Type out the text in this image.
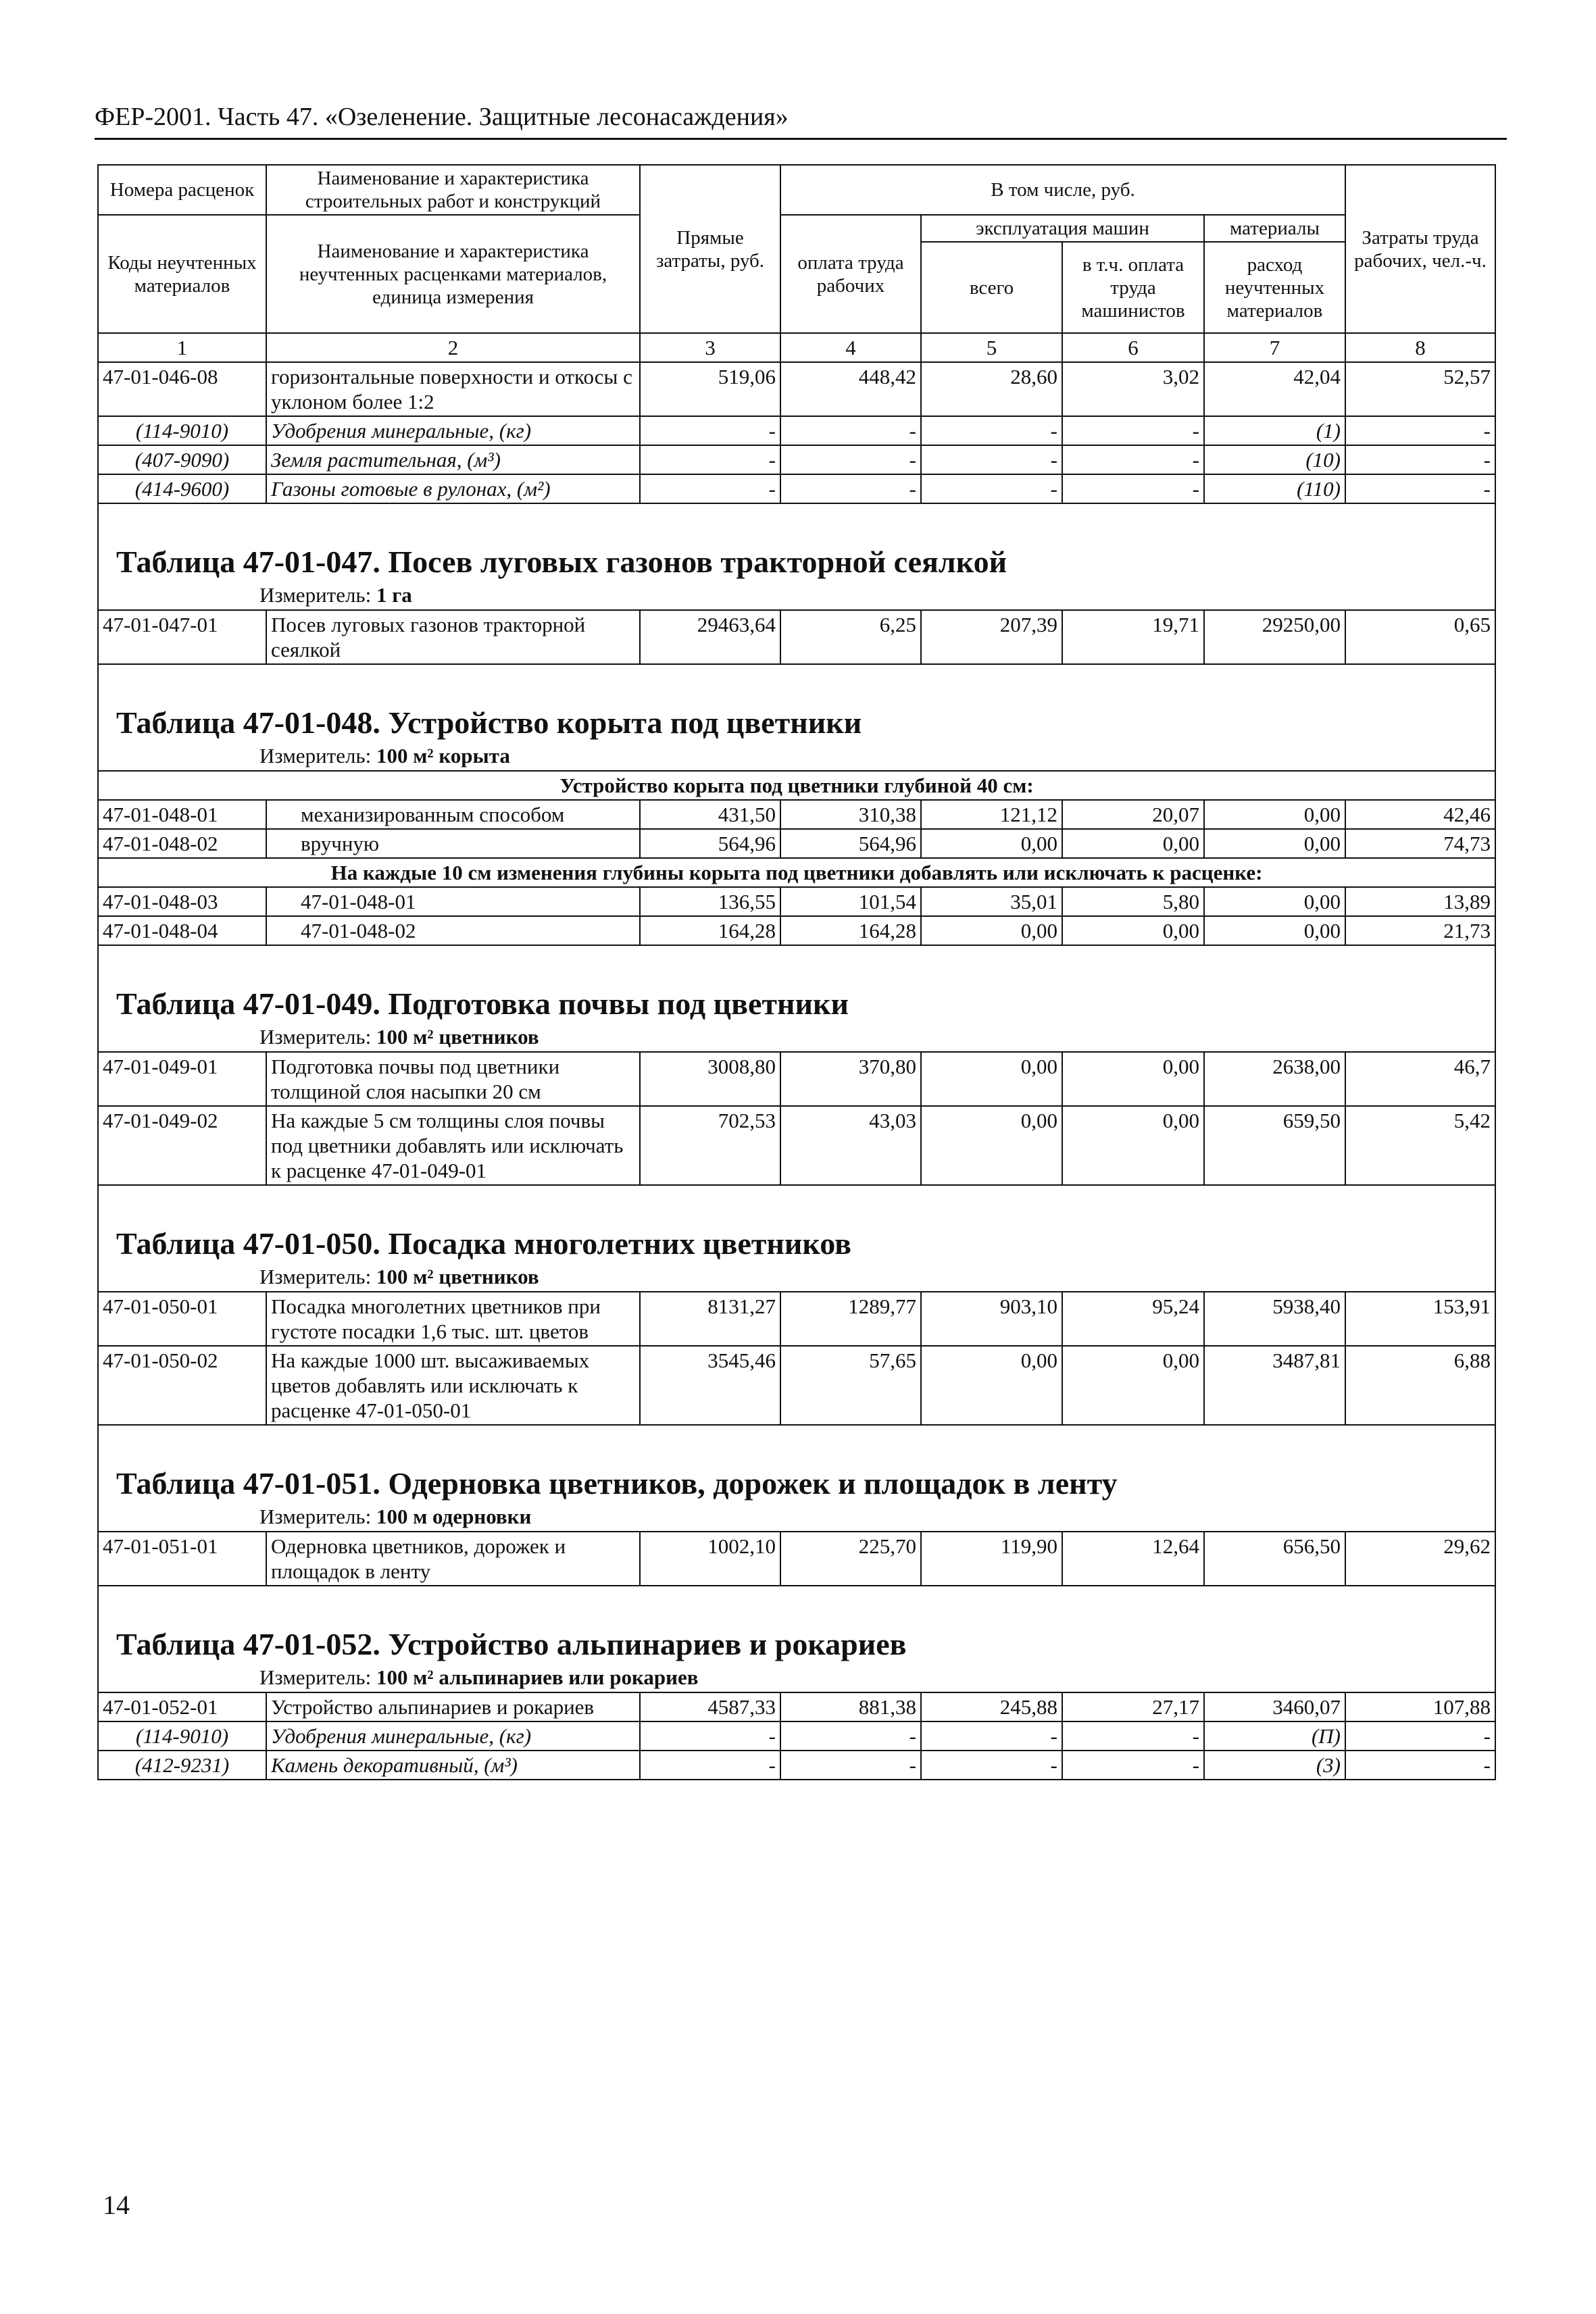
ФЕР-2001. Часть 47. «Озеленение. Защитные лесонасаждения»
Номера расценок	Наименование и характеристика строительных работ и конструкций	Прямые затраты, руб.	В том числе, руб.				Затраты труда рабочих, чел.-ч.
Коды неучтенных материалов	Наименование и характеристика неучтенных расценками материалов, единица измерения		оплата труда рабочих	эксплуатация машин		материалы	
				всего	в т.ч. оплата труда машинистов	расход неучтенных материалов	
1	2	3	4	5	6	7	8
47-01-046-08	горизонтальные поверхности и откосы с уклоном более 1:2	519,06	448,42	28,60	3,02	42,04	52,57
(114-9010)	Удобрения минеральные, (кг)	-	-	-	-	(1)	-
(407-9090)	Земля растительная, (м³)	-	-	-	-	(10)	-
(414-9600)	Газоны готовые в рулонах, (м²)	-	-	-	-	(110)	-

Таблица 47-01-047. Посев луговых газонов тракторной сеялкой							
Измеритель: 1 га							
47-01-047-01	Посев луговых газонов тракторной сеялкой	29463,64	6,25	207,39	19,71	29250,00	0,65

Таблица 47-01-048. Устройство корыта под цветники							
Измеритель: 100 м² корыта							
Устройство корыта под цветники глубиной 40 см:							
47-01-048-01	механизированным способом	431,50	310,38	121,12	20,07	0,00	42,46
47-01-048-02	вручную	564,96	564,96	0,00	0,00	0,00	74,73
На каждые 10 см изменения глубины корыта под цветники добавлять или исключать к расценке:							
47-01-048-03	47-01-048-01	136,55	101,54	35,01	5,80	0,00	13,89
47-01-048-04	47-01-048-02	164,28	164,28	0,00	0,00	0,00	21,73

Таблица 47-01-049. Подготовка почвы под цветники							
Измеритель: 100 м² цветников							
47-01-049-01	Подготовка почвы под цветники толщиной слоя насыпки 20 см	3008,80	370,80	0,00	0,00	2638,00	46,7
47-01-049-02	На каждые 5 см толщины слоя почвы под цветники добавлять или исключать к расценке 47-01-049-01	702,53	43,03	0,00	0,00	659,50	5,42

Таблица 47-01-050. Посадка многолетних цветников							
Измеритель: 100 м² цветников							
47-01-050-01	Посадка многолетних цветников при густоте посадки 1,6 тыс. шт. цветов	8131,27	1289,77	903,10	95,24	5938,40	153,91
47-01-050-02	На каждые 1000 шт. высаживаемых цветов добавлять или исключать к расценке 47-01-050-01	3545,46	57,65	0,00	0,00	3487,81	6,88

Таблица 47-01-051. Одерновка цветников, дорожек и площадок в ленту							
Измеритель: 100 м одерновки							
47-01-051-01	Одерновка цветников, дорожек и площадок в ленту	1002,10	225,70	119,90	12,64	656,50	29,62

Таблица 47-01-052. Устройство альпинариев и рокариев							
Измеритель: 100 м² альпинариев или рокариев							
47-01-052-01	Устройство альпинариев и рокариев	4587,33	881,38	245,88	27,17	3460,07	107,88
(114-9010)	Удобрения минеральные, (кг)	-	-	-	-	(П)	-
(412-9231)	Камень декоративный, (м³)	-	-	-	-	(3)	-
14
